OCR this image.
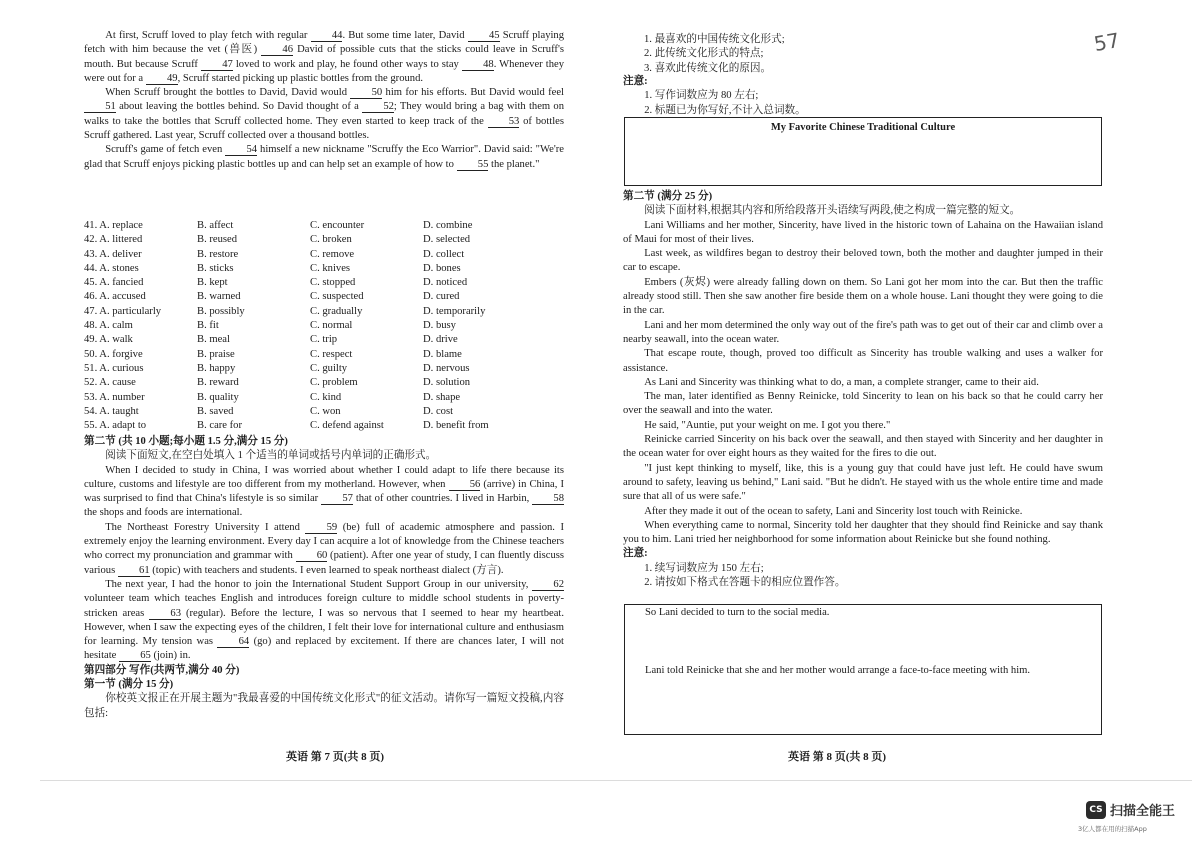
At first, Scruff loved to play fetch with regular 44. But some time later, David 45 Scruff playing fetch with him because the vet (兽医) 46 David of possible cuts that the sticks could leave in Scruff's mouth. But because Scruff 47 loved to work and play, he found other ways to stay 48. Whenever they were out for a 49, Scruff started picking up plastic bottles from the ground.

When Scruff brought the bottles to David, David would 50 him for his efforts. But David would feel 51 about leaving the bottles behind. So David thought of a 52; They would bring a bag with them on walks to take the bottles that Scruff collected home. They even started to keep track of the 53 of bottles Scruff gathered. Last year, Scruff collected over a thousand bottles.

Scruff's game of fetch even 54 himself a new nickname "Scruffy the Eco Warrior". David said: "We're glad that Scruff enjoys picking plastic bottles up and can help set an example of how to 55 the planet."

41. A. replace	B. affect	C. encounter	D. combine
42. A. littered	B. reused	C. broken	D. selected
43. A. deliver	B. restore	C. remove	D. collect
44. A. stones	B. sticks	C. knives	D. bones
45. A. fancied	B. kept	C. stopped	D. noticed
46. A. accused	B. warned	C. suspected	D. cured
47. A. particularly	B. possibly	C. gradually	D. temporarily
48. A. calm	B. fit	C. normal	D. busy
49. A. walk	B. meal	C. trip	D. drive
50. A. forgive	B. praise	C. respect	D. blame
51. A. curious	B. happy	C. guilty	D. nervous
52. A. cause	B. reward	C. problem	D. solution
53. A. number	B. quality	C. kind	D. shape
54. A. taught	B. saved	C. won	D. cost
55. A. adapt to	B. care for	C. defend against	D. benefit from

第二节 (共 10 小题;每小题 1.5 分,满分 15 分)

阅读下面短文,在空白处填入 1 个适当的单词或括号内单词的正确形式。

When I decided to study in China, I was worried about whether I could adapt to life there because its culture, customs and lifestyle are too different from my motherland. However, when 56 (arrive) in China, I was surprised to find that China's lifestyle is so similar 57 that of other countries. I lived in Harbin, 58 the shops and foods are international.

The Northeast Forestry University I attend	59 (be) full of academic atmosphere and passion. I extremely enjoy the learning environment. Every day I can acquire a lot of knowledge from the Chinese teachers who correct my pronunciation and grammar with 60 (patient). After one year of study, I can fluently discuss various 61 (topic) with teachers and students. I even learned to speak northeast dialect (方言).

The next year, I had the honor to join the International Student Support Group in our university, 62 volunteer team which teaches English and introduces foreign culture to middle school students in poverty-stricken areas 63 (regular). Before the lecture, I was so nervous that I seemed to hear my heartbeat. However, when I saw the expecting eyes of the children, I felt their love for international culture and enthusiasm for learning. My tension was 64 (go) and replaced by excitement. If there are chances later, I will not hesitate 65 (join) in.

第四部分 写作(共两节,满分 40 分)

第一节 (满分 15 分)

你校英文报正在开展主题为"我最喜爱的中国传统文化形式"的征文活动。请你写一篇短文投稿,内容包括:

英语 第 7 页(共 8 页)

1. 最喜欢的中国传统文化形式;

2. 此传统文化形式的特点;

3. 喜欢此传统文化的原因。

注意:

1. 写作词数应为 80 左右;

2. 标题已为你写好,不计入总词数。

My Favorite Chinese Traditional Culture

第二节 (满分 25 分)

阅读下面材料,根据其内容和所给段落开头语续写两段,使之构成一篇完整的短文。

Lani Williams and her mother, Sincerity, have lived in the historic town of Lahaina on the Hawaiian island of Maui for most of their lives.

Last week, as wildfires began to destroy their beloved town, both the mother and daughter jumped in their car to escape.

Embers (灰烬) were already falling down on them. So Lani got her mom into the car. But then the traffic already stood still. Then she saw another fire beside them on a whole house. Lani thought they were going to die in the car.

Lani and her mom determined the only way out of the fire's path was to get out of their car and climb over a nearby seawall, into the ocean water.

That escape route, though, proved too difficult as Sincerity has trouble walking and uses a walker for assistance.

As Lani and Sincerity was thinking what to do, a man, a complete stranger, came to their aid.

The man, later identified as Benny Reinicke, told Sincerity to lean on his back so that he could carry her over the seawall and into the water.

He said, "Auntie, put your weight on me. I got you there."

Reinicke carried Sincerity on his back over the seawall, and then stayed with Sincerity and her daughter in the ocean water for over eight hours as they waited for the fires to die out.

"I just kept thinking to myself, like, this is a young guy that could have just left. He could have swum around to safety, leaving us behind," Lani said. "But he didn't. He stayed with us the whole entire time and made sure that all of us were safe."

After they made it out of the ocean to safety, Lani and Sincerity lost touch with Reinicke.

When everything came to normal, Sincerity told her daughter that they should find Reinicke and say thank you to him. Lani tried her neighborhood for some information about Reinicke but she found nothing.

注意:

1. 续写词数应为 150 左右;

2. 请按如下格式在答题卡的相应位置作答。

So Lani decided to turn to the social media.
Lani told Reinicke that she and her mother would arrange a face-to-face meeting with him.
英语 第 8 页(共 8 页)
57
CS 扫描全能王
3亿人都在用的扫描App
